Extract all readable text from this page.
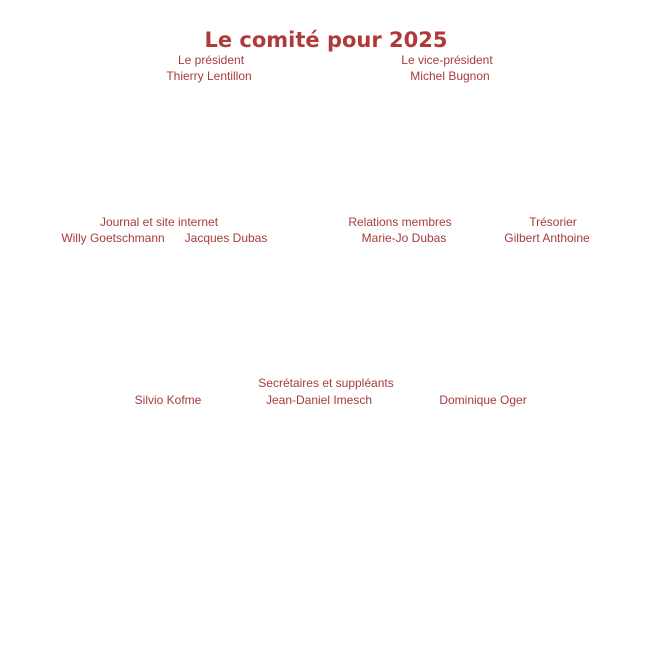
Le comité pour 2025
Le président
Thierry Lentillon
Le vice-président
Michel Bugnon
Journal et site internet
Willy Goetschmann Jacques Dubas
Relations membres
Marie-Jo Dubas
Trésorier
Gilbert Anthoine
Secrétaires et suppléants
Silvio Kofme	Jean-Daniel Imesch	Dominique Oger
